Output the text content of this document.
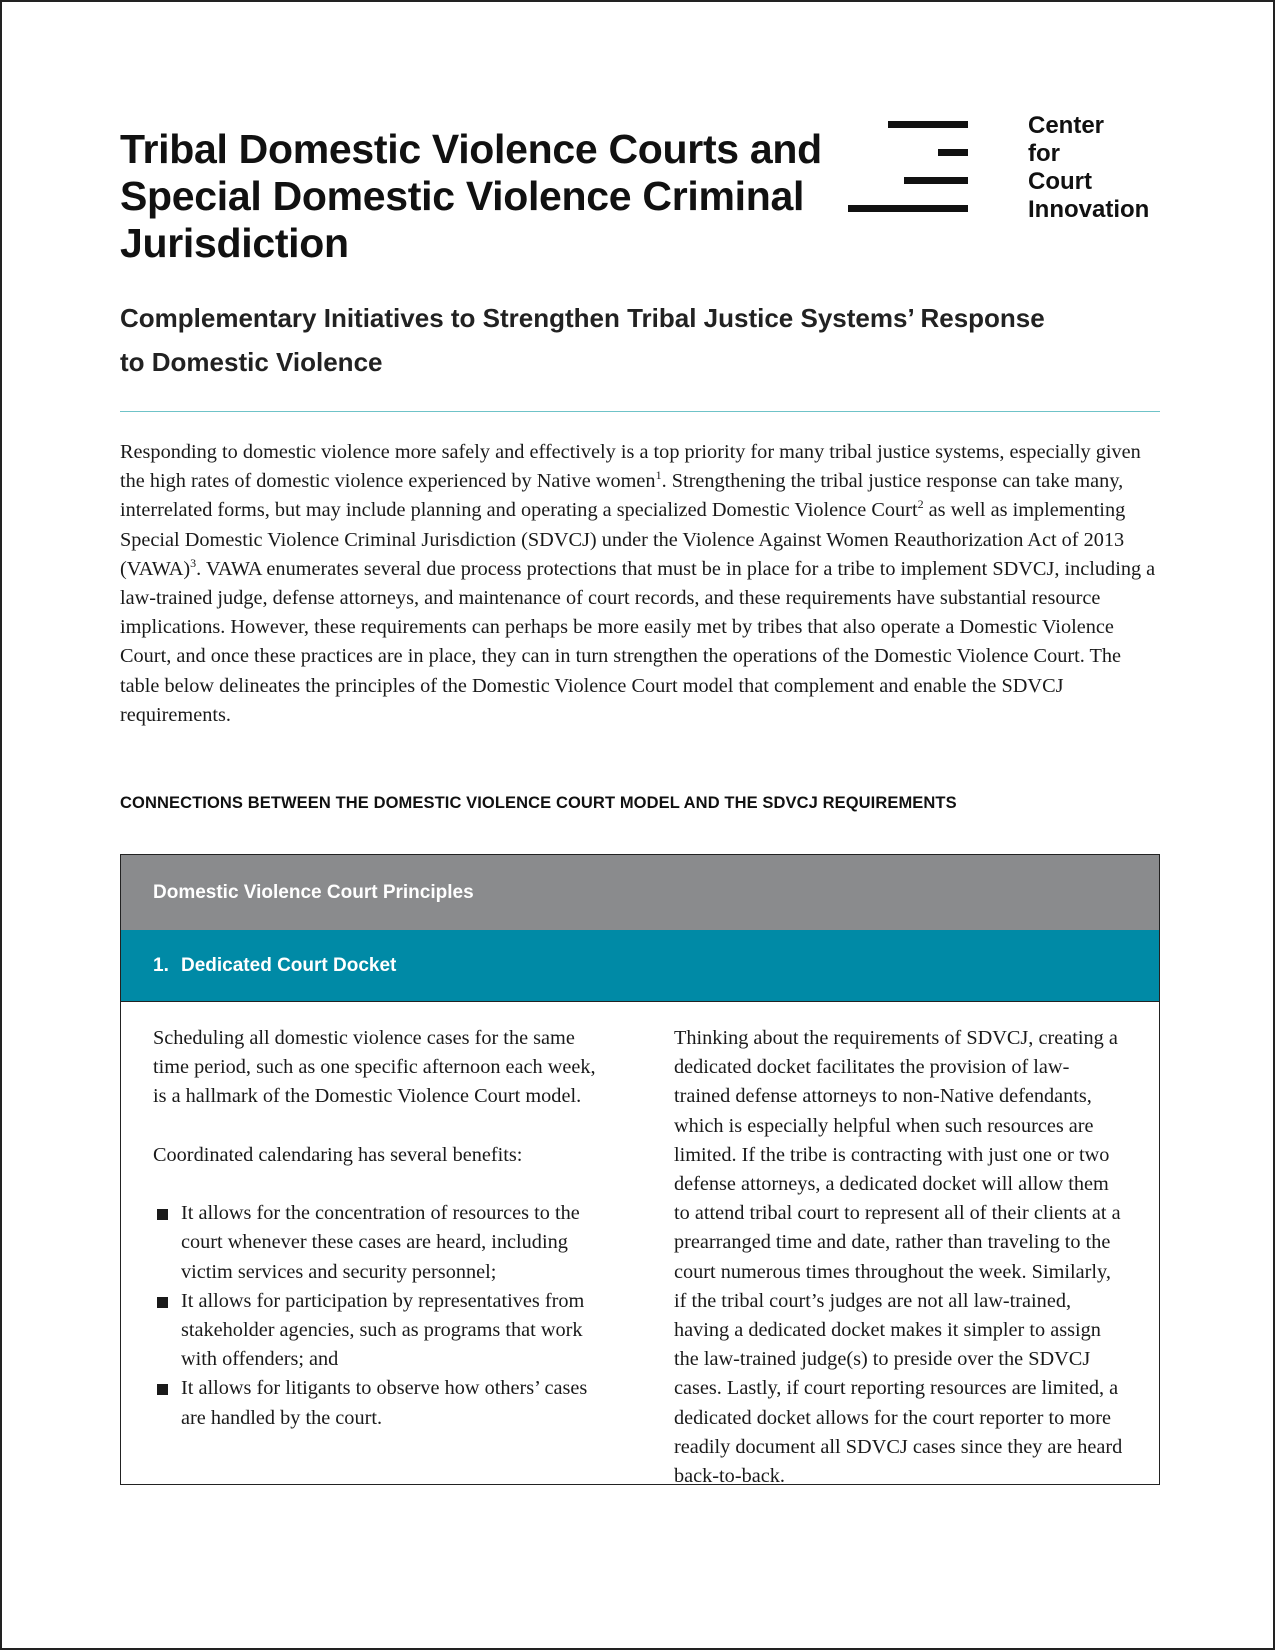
Tribal Domestic Violence Courts and Special Domestic Violence Criminal Jurisdiction
Center
for
Court
Innovation
Complementary Initiatives to Strengthen Tribal Justice Systems’ Response to Domestic Violence

Responding to domestic violence more safely and effectively is a top priority for many tribal justice systems, especially given the high rates of domestic violence experienced by Native women$^1$. Strengthening the tribal justice response can take many, interrelated forms, but may include planning and operating a specialized Domestic Violence Court$^2$ as well as implementing Special Domestic Violence Criminal Jurisdiction (SDVCJ) under the Violence Against Women Reauthorization Act of 2013 (VAWA)$^3$. VAWA enumerates several due process protections that must be in place for a tribe to implement SDVCJ, including a law-trained judge, defense attorneys, and maintenance of court records, and these requirements have substantial resource implications. However, these requirements can perhaps be more easily met by tribes that also operate a Domestic Violence Court, and once these practices are in place, they can in turn strengthen the operations of the Domestic Violence Court. The table below delineates the principles of the Domestic Violence Court model that complement and enable the SDVCJ requirements.

CONNECTIONS BETWEEN THE DOMESTIC VIOLENCE COURT MODEL AND THE SDVCJ REQUIREMENTS
Domestic Violence Court Principles
1. Dedicated Court Docket

Scheduling all domestic violence cases for the same time period, such as one specific afternoon each week, is a hallmark of the Domestic Violence Court model.

Coordinated calendaring has several benefits:

It allows for the concentration of resources to the court whenever these cases are heard, including victim services and security personnel;
It allows for participation by representatives from stakeholder agencies, such as programs that work with offenders; and
It allows for litigants to observe how others’ cases are handled by the court.

Thinking about the requirements of SDVCJ, creating a dedicated docket facilitates the provision of law-trained defense attorneys to non-Native defendants, which is especially helpful when such resources are limited. If the tribe is contracting with just one or two defense attorneys, a dedicated docket will allow them to attend tribal court to represent all of their clients at a prearranged time and date, rather than traveling to the court numerous times throughout the week. Similarly, if the tribal court’s judges are not all law-trained, having a dedicated docket makes it simpler to assign the law-trained judge(s) to preside over the SDVCJ cases. Lastly, if court reporting resources are limited, a dedicated docket allows for the court reporter to more readily document all SDVCJ cases since they are heard back-to-back.
